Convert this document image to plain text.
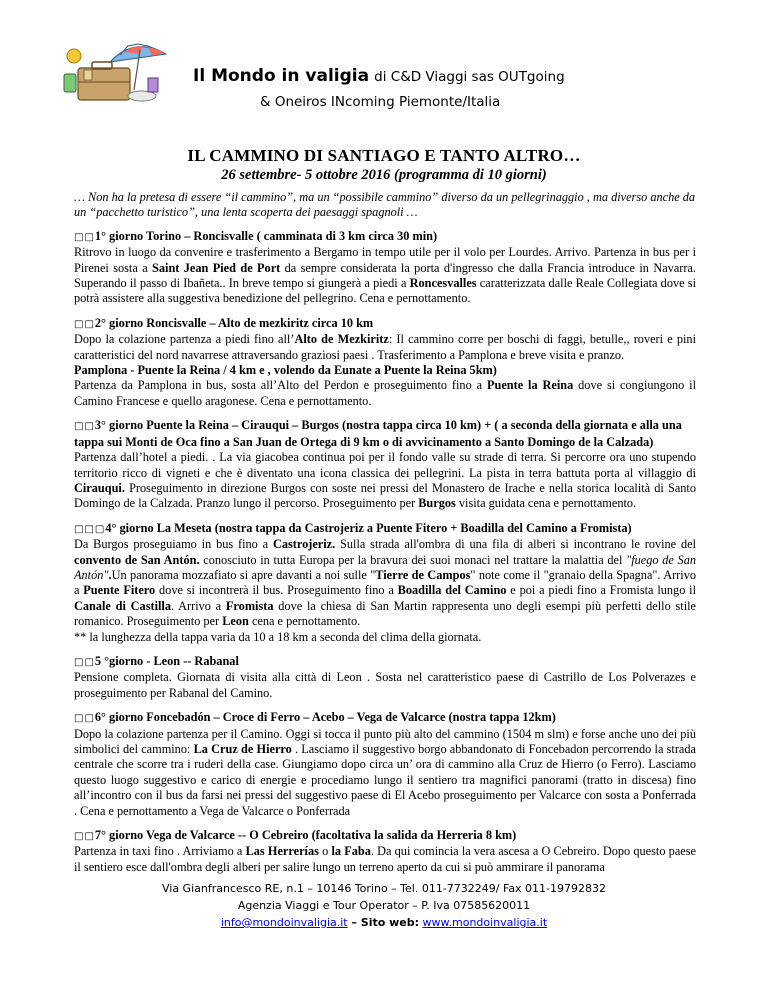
Il Mondo in valigia di C&D Viaggi sas OUTgoing
& Oneiros INcoming Piemonte/Italia
IL CAMMINO DI SANTIAGO E TANTO ALTRO…
26 settembre- 5 ottobre 2016 (programma di 10 giorni)

… Non ha la pretesa di essere “il cammino”, ma un “possibile cammino” diverso da un pellegrinaggio , ma diverso anche da un “pacchetto turistico”, una lenta scoperta dei paesaggi spagnoli …

□□1° giorno Torino – Roncisvalle ( camminata di 3 km circa 30 min)
Ritrovo in luogo da convenire e trasferimento a Bergamo in tempo utile per il volo per Lourdes. Arrivo. Partenza in bus per i Pirenei sosta a Saint Jean Pied de Port da sempre considerata la porta d'ingresso che dalla Francia introduce in Navarra. Superando il passo di Ibañeta.. In breve tempo si giungerà a piedi a Roncesvalles caratterizzata dalle Reale Collegiata dove si potrà assistere alla suggestiva benedizione del pellegrino. Cena e pernottamento.
□□2° giorno Roncisvalle – Alto de mezkiritz circa 10 km
Dopo la colazione partenza a piedi fino all’Alto de Mezkiritz: Il cammino corre per boschi di faggi, betulle,, roveri e pini caratteristici del nord navarrese attraversando graziosi paesi . Trasferimento a Pamplona e breve visita e pranzo.
Pamplona - Puente la Reina / 4 km e , volendo da Eunate a Puente la Reina 5km)
Partenza da Pamplona in bus, sosta all’Alto del Perdon e proseguimento fino a Puente la Reina dove si congiungono il Camino Francese e quello aragonese. Cena e pernottamento.
□□3° giorno Puente la Reina – Cirauqui – Burgos (nostra tappa circa 10 km) + ( a seconda della giornata e alla una tappa sui Monti de Oca fino a San Juan de Ortega di 9 km o di avvicinamento a Santo Domingo de la Calzada)
Partenza dall’hotel a piedi. . La via giacobea continua poi per il fondo valle su strade di terra. Si percorre ora uno stupendo territorio ricco di vigneti e che è diventato una icona classica dei pellegrini. La pista in terra battuta porta al villaggio di Cirauqui. Proseguimento in direzione Burgos con soste nei pressi del Monastero de Irache e nella storica località di Santo Domingo de la Calzada. Pranzo lungo il percorso. Proseguimento per Burgos visita guidata cena e pernottamento.
□□□4° giorno La Meseta (nostra tappa da Castrojeriz a Puente Fitero + Boadilla del Camino a Fromista)
Da Burgos proseguiamo in bus fino a Castrojeriz. Sulla strada all'ombra di una fila di alberi si incontrano le rovine del convento de San Antón. conosciuto in tutta Europa per la bravura dei suoi monaci nel trattare la malattia del "fuego de San Antón".Un panorama mozzafiato si apre davanti a noi sulle "Tierre de Campos" note come il "granaio della Spagna". Arrivo a Puente Fitero dove si incontrerà il bus. Proseguimento fino a Boadilla del Camino e poi a piedi fino a Fromista lungo il Canale di Castilla. Arrivo a Fromista dove la chiesa di San Martin rappresenta uno degli esempi più perfetti dello stile romanico. Proseguimento per Leon cena e pernottamento.
** la lunghezza della tappa varia da 10 a 18 km a seconda del clima della giornata.
□□5 °giorno - Leon -- Rabanal
Pensione completa. Giornata di visita alla città di Leon . Sosta nel caratteristico paese di Castrillo de Los Polverazes e proseguimento per Rabanal del Camino.
□□6° giorno Foncebadón – Croce di Ferro – Acebo – Vega de Valcarce (nostra tappa 12km)
Dopo la colazione partenza per il Camino. Oggi si tocca il punto più alto del cammino (1504 m slm) e forse anche uno dei più simbolici del cammino: La Cruz de Hierro . Lasciamo il suggestivo borgo abbandonato di Foncebadon percorrendo la strada centrale che scorre tra i ruderi della case. Giungiamo dopo circa un’ ora di cammino alla Cruz de Hierro (o Ferro). Lasciamo questo luogo suggestivo e carico di energie e procediamo lungo il sentiero tra magnifici panorami (tratto in discesa) fino all’incontro con il bus da farsi nei pressi del suggestivo paese di El Acebo proseguimento per Valcarce con sosta a Ponferrada . Cena e pernottamento a Vega de Valcarce o Ponferrada
□□7° giorno Vega de Valcarce -- O Cebreiro (facoltativa la salida da Herreria 8 km)
Partenza in taxi fino . Arriviamo a Las Herrerías o la Faba. Da qui comincia la vera ascesa a O Cebreiro. Dopo questo paese il sentiero esce dall'ombra degli alberi per salire lungo un terreno aperto da cui si può ammirare il panorama
Via Gianfrancesco RE, n.1 – 10146 Torino – Tel. 011-7732249/ Fax 011-19792832
Agenzia Viaggi e Tour Operator – P. Iva 07585620011
info@mondoinvaligia.it – Sito web: www.mondoinvaligia.it
